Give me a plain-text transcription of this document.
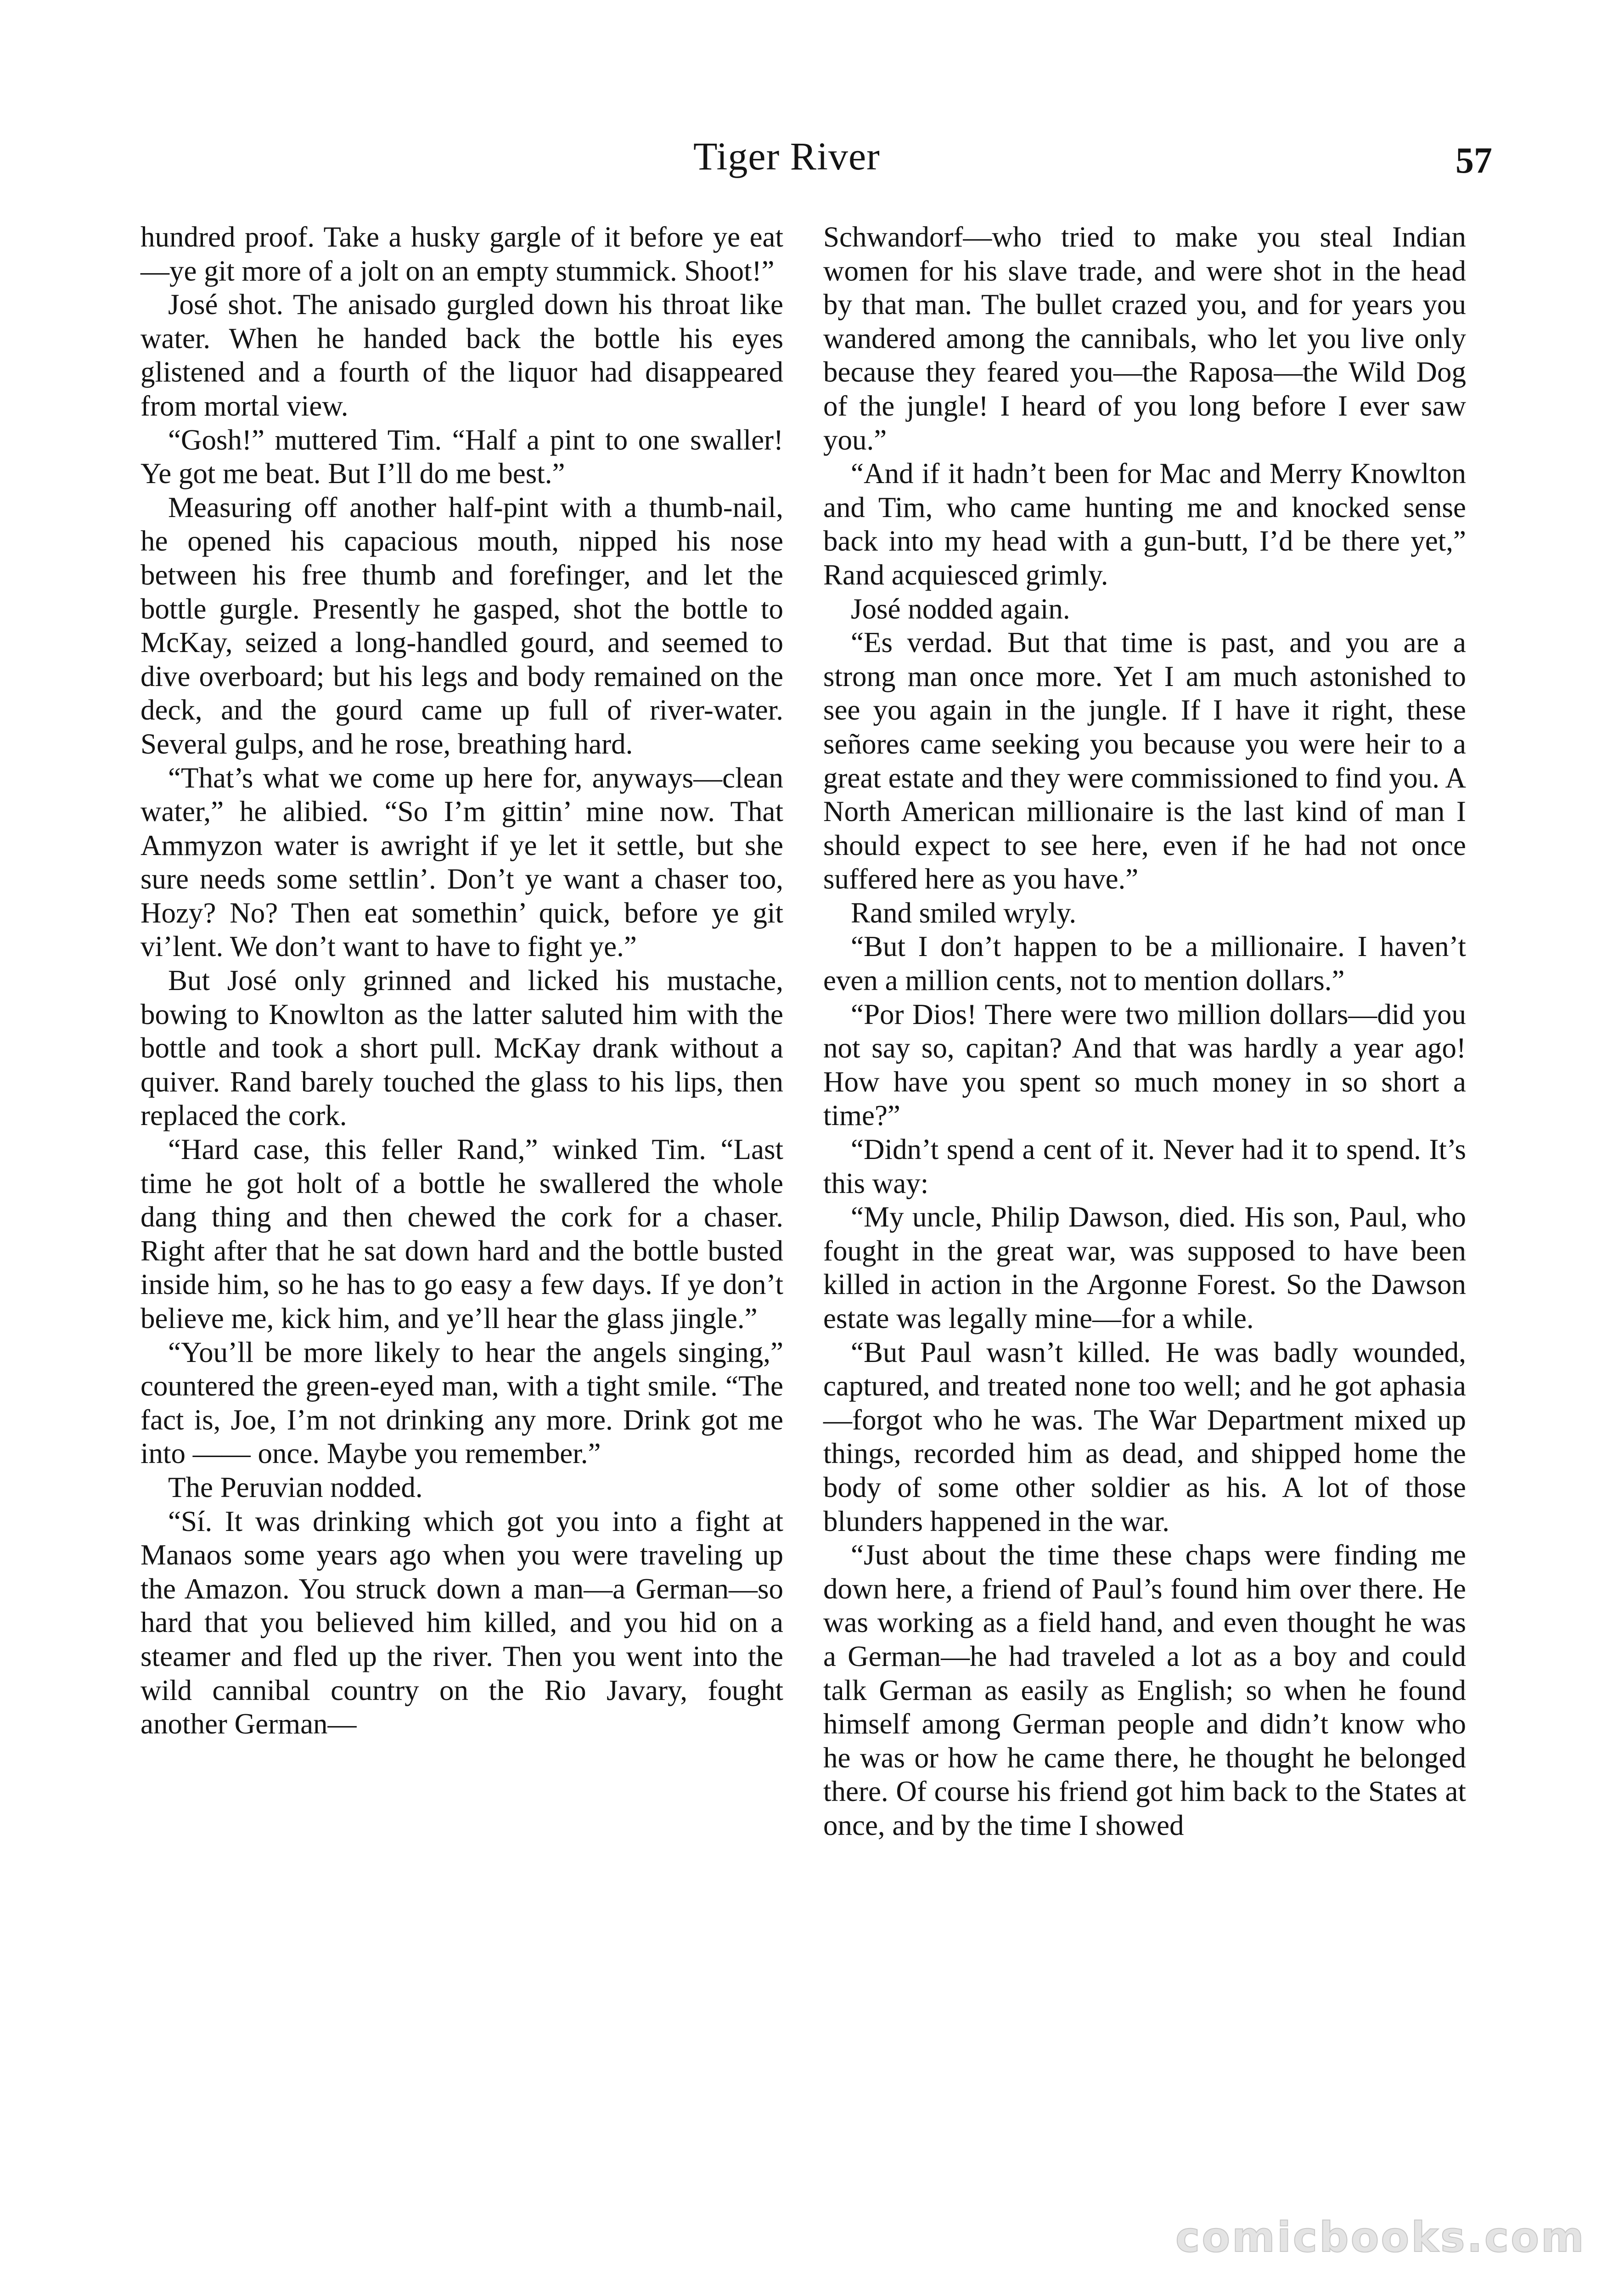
Tiger River	57

hundred proof. Take a husky gargle of it before ye eat—ye git more of a jolt on an empty stummick. Shoot!”

José shot. The anisado gurgled down his throat like water. When he handed back the bottle his eyes glistened and a fourth of the liquor had disappeared from mortal view.

“Gosh!” muttered Tim. “Half a pint to one swaller! Ye got me beat. But I’ll do me best.”

Measuring off another half-pint with a thumb-nail, he opened his capacious mouth, nipped his nose between his free thumb and forefinger, and let the bottle gurgle. Presently he gasped, shot the bottle to McKay, seized a long-handled gourd, and seemed to dive overboard; but his legs and body remained on the deck, and the gourd came up full of river-water. Several gulps, and he rose, breathing hard.

“That’s what we come up here for, anyways—clean water,” he alibied. “So I’m gittin’ mine now. That Ammyzon water is awright if ye let it settle, but she sure needs some settlin’. Don’t ye want a chaser too, Hozy? No? Then eat somethin’ quick, before ye git vi’lent. We don’t want to have to fight ye.”

But José only grinned and licked his mustache, bowing to Knowlton as the latter saluted him with the bottle and took a short pull. McKay drank without a quiver. Rand barely touched the glass to his lips, then replaced the cork.

“Hard case, this feller Rand,” winked Tim. “Last time he got holt of a bottle he swallered the whole dang thing and then chewed the cork for a chaser. Right after that he sat down hard and the bottle busted inside him, so he has to go easy a few days. If ye don’t believe me, kick him, and ye’ll hear the glass jingle.”

“You’ll be more likely to hear the angels singing,” countered the green-eyed man, with a tight smile. “The fact is, Joe, I’m not drinking any more. Drink got me into —— once. Maybe you remember.”

The Peruvian nodded.

“Sí. It was drinking which got you into a fight at Manaos some years ago when you were traveling up the Amazon. You struck down a man—a German—so hard that you believed him killed, and you hid on a steamer and fled up the river. Then you went into the wild cannibal country on the Rio Javary, fought another German—

Schwandorf—who tried to make you steal Indian women for his slave trade, and were shot in the head by that man. The bullet crazed you, and for years you wandered among the cannibals, who let you live only because they feared you—the Raposa—the Wild Dog of the jungle! I heard of you long before I ever saw you.”

“And if it hadn’t been for Mac and Merry Knowlton and Tim, who came hunting me and knocked sense back into my head with a gun-butt, I’d be there yet,” Rand acquiesced grimly.

José nodded again.

“Es verdad. But that time is past, and you are a strong man once more. Yet I am much astonished to see you again in the jungle. If I have it right, these señores came seeking you because you were heir to a great estate and they were commissioned to find you. A North American millionaire is the last kind of man I should expect to see here, even if he had not once suffered here as you have.”

Rand smiled wryly.

“But I don’t happen to be a millionaire. I haven’t even a million cents, not to mention dollars.”

“Por Dios! There were two million dollars—did you not say so, capitan? And that was hardly a year ago! How have you spent so much money in so short a time?”

“Didn’t spend a cent of it. Never had it to spend. It’s this way:

“My uncle, Philip Dawson, died. His son, Paul, who fought in the great war, was supposed to have been killed in action in the Argonne Forest. So the Dawson estate was legally mine—for a while.

“But Paul wasn’t killed. He was badly wounded, captured, and treated none too well; and he got aphasia—forgot who he was. The War Department mixed up things, recorded him as dead, and shipped home the body of some other soldier as his. A lot of those blunders happened in the war.

“Just about the time these chaps were finding me down here, a friend of Paul’s found him over there. He was working as a field hand, and even thought he was a German—he had traveled a lot as a boy and could talk German as easily as English; so when he found himself among German people and didn’t know who he was or how he came there, he thought he belonged there. Of course his friend got him back to the States at once, and by the time I showed

comicbooks.com
